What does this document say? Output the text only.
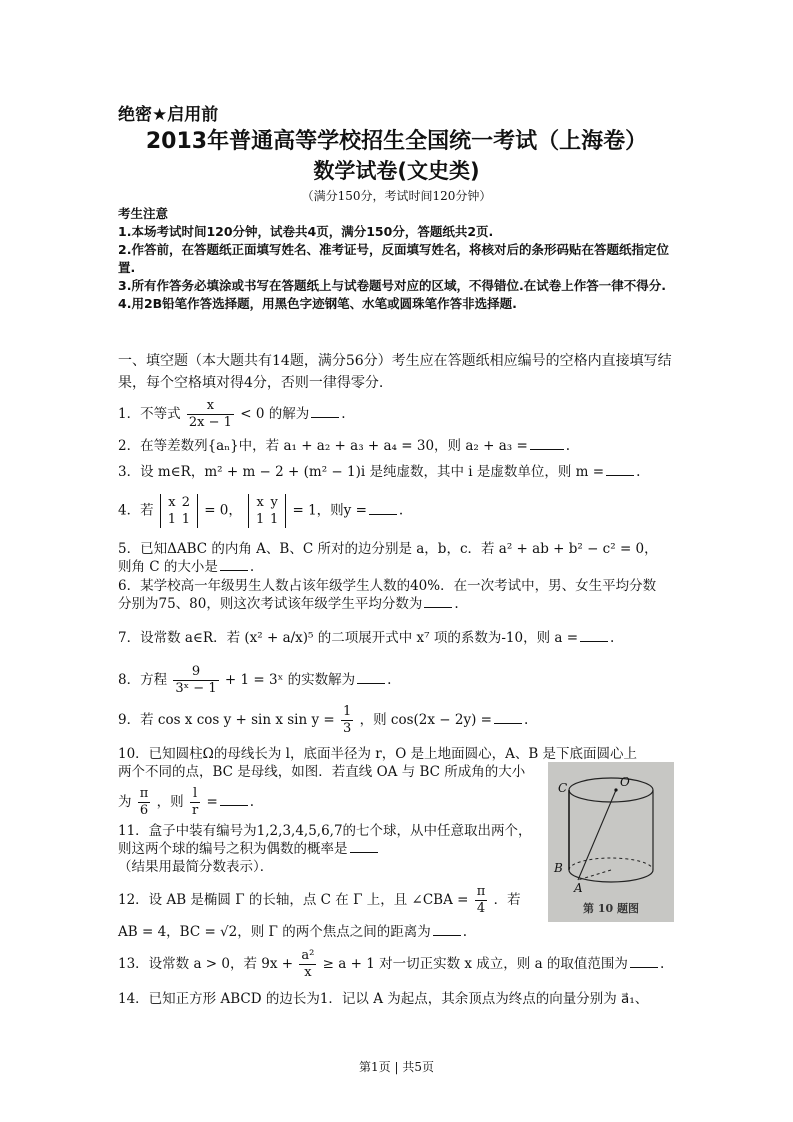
绝密★启用前
2013年普通高等学校招生全国统一考试（上海卷）
数学试卷(文史类)
（满分150分，考试时间120分钟）
考生注意
1.本场考试时间120分钟，试卷共4页，满分150分，答题纸共2页.
2.作答前，在答题纸正面填写姓名、准考证号，反面填写姓名，将核对后的条形码贴在答题纸指定位置.
3.所有作答务必填涂或书写在答题纸上与试卷题号对应的区域，不得错位.在试卷上作答一律不得分.
4.用2B铅笔作答选择题，用黑色字迹钢笔、水笔或圆珠笔作答非选择题.
一、填空题（本大题共有14题，满分56分）考生应在答题纸相应编号的空格内直接填写结果，每个空格填对得4分，否则一律得零分.
1．不等式 $\frac{x}{2x - 1} < 0$ 的解为 .
2．在等差数列{aₙ}中，若 a₁ + a₂ + a₃ + a₄ = 30，则 a₂ + a₃ =	.
3．设 m∈R，m² + m − 2 + (m² − 1)i 是纯虚数，其中 i 是虚数单位，则 m = .
4．若 x 2
1 1 = 0， x y
1 1 = 1，则y = .
5．已知ΔABC 的内角 A、B、C 所对的边分别是 a，b，c．若 a² + ab + b² − c² = 0，
则角 C 的大小是 .
6．某学校高一年级男生人数占该年级学生人数的40%．在一次考试中，男、女生平均分数
分别为75、80，则这次考试该年级学生平均分数为 .
7．设常数 a∈R．若 (x² + a/x)⁵ 的二项展开式中 x⁷ 项的系数为-10，则 a = .
8．方程 $\frac{9}{\text{3ˣ − 1}} + 1$ = 3ˣ 的实数解为 .
9．若 cos x cos y + sin x $\sin y = \frac{1}{3}$ ，则 cos(2x − 2y) = .
10．已知圆柱Ω的母线长为 l，底面半径为 r，O 是上地面圆心，A、B 是下底面圆心上
两个不同的点，BC 是母线，如图．若直线 OA 与 BC 所成角的大小
为 $\frac{\pi}{6}$ ，则 $\frac{l}{r}$ = .
C	O
B
A
第 10 题图
11．盒子中装有编号为1,2,3,4,5,6,7的七个球，从中任意取出两个，
则这两个球的编号之积为偶数的概率是
（结果用最简分数表示）．
12．设 AB 是椭圆 Γ 的长轴，点 C 在 Γ 上，且 ∠CBA = $\frac{\pi}{4}$ ．若
AB = 4，BC = √2，则 Γ 的两个焦点之间的距离为 .
13．设常数 a > 0，若 $9x + \frac{\text{a²}}{x} \ge a + 1$ 对一切正实数 x 成立，则 a 的取值范围为 .
14．已知正方形 ABCD 的边长为1．记以 A 为起点，其余顶点为终点的向量分别为 a⃗₁、
第1页 | 共5页
